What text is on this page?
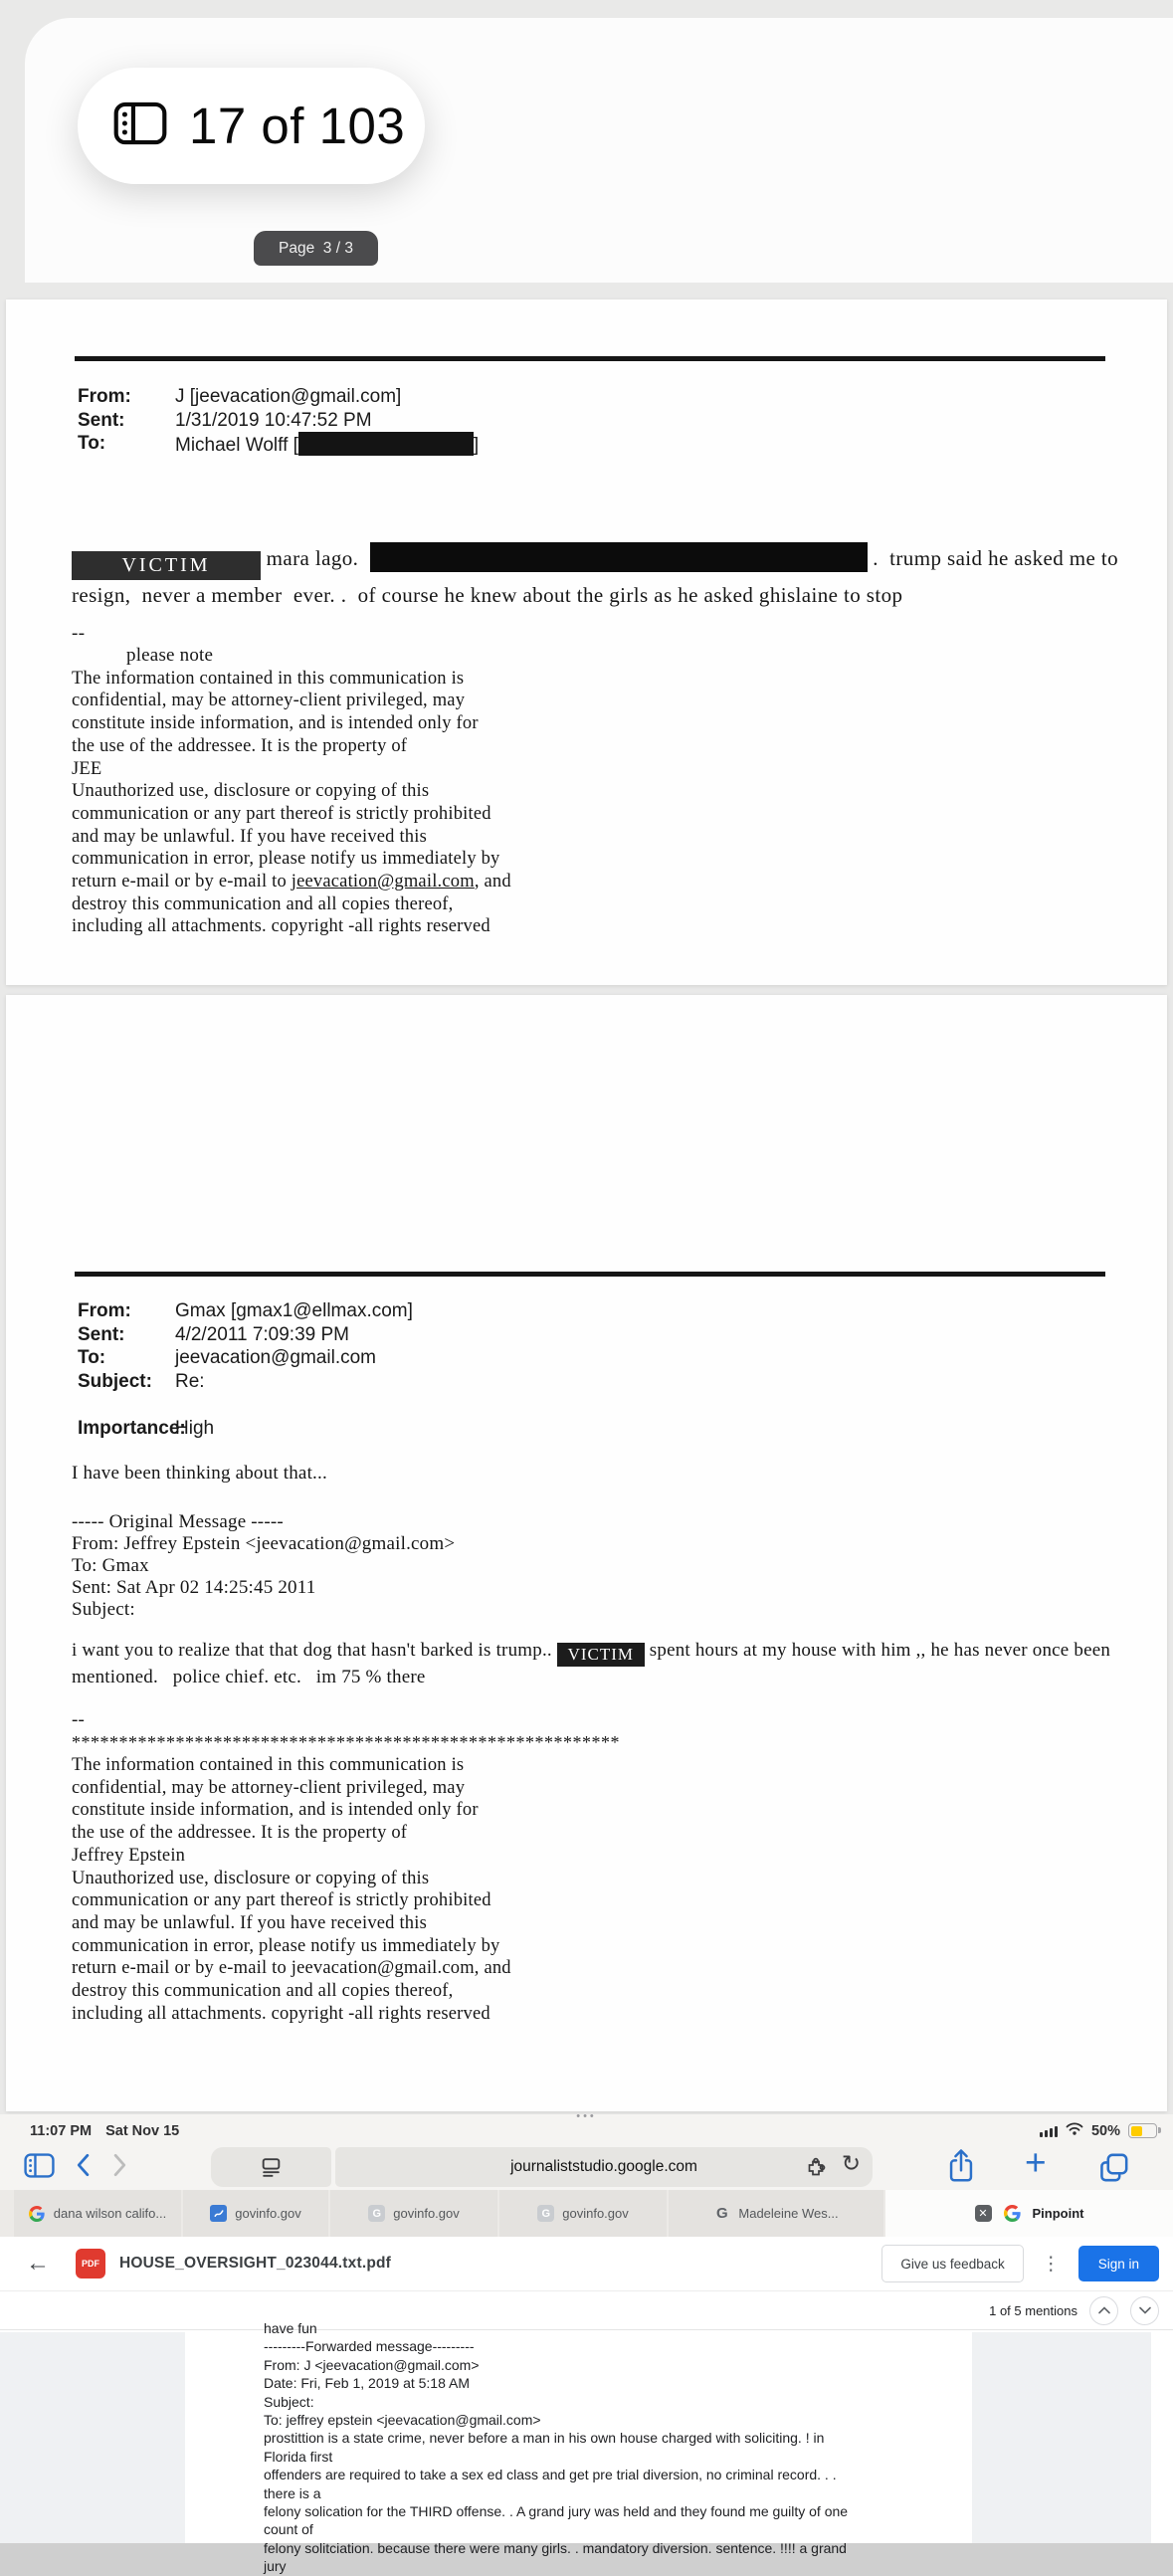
17 of 103
Page  3 / 3
From:	J [jeevacation@gmail.com]
Sent:	1/31/2019 10:47:52 PM
To:	Michael Wolff [	]
VICTIM mara lago.	.  trump said he asked me to resign,  never a member  ever. .  of course he knew about the girls as he asked ghislaine to stop
--
please note
The information contained in this communication is
confidential, may be attorney-client privileged, may
constitute inside information, and is intended only for
the use of the addressee. It is the property of
JEE
Unauthorized use, disclosure or copying of this
communication or any part thereof is strictly prohibited
and may be unlawful. If you have received this
communication in error, please notify us immediately by
return e-mail or by e-mail to jeevacation@gmail.com, and
destroy this communication and all copies thereof,
including all attachments. copyright -all rights reserved
From:	Gmax [gmax1@ellmax.com]
Sent:	4/2/2011 7:09:39 PM
To:	jeevacation@gmail.com
Subject:	Re:
Importance:
High
I have been thinking about that...
----- Original Message -----
From: Jeffrey Epstein <jeevacation@gmail.com>
To: Gmax
Sent: Sat Apr 02 14:25:45 2011
Subject:
i want you to realize that that dog that hasn't barked is trump.. VICTIM spent hours at my house with him ,, he has never once been mentioned.   police chief. etc.   im 75 % there
--
**********************************************************
The information contained in this communication is
confidential, may be attorney-client privileged, may
constitute inside information, and is intended only for
the use of the addressee. It is the property of
Jeffrey Epstein
Unauthorized use, disclosure or copying of this
communication or any part thereof is strictly prohibited
and may be unlawful. If you have received this
communication in error, please notify us immediately by
return e-mail or by e-mail to jeevacation@gmail.com, and
destroy this communication and all copies thereof,
including all attachments. copyright -all rights reserved
•••
11:07 PM Sat Nov 15	50%
journaliststudio.google.com	↻	+
dana wilson califo...	govinfo.gov	G govinfo.gov	G govinfo.gov	G Madeleine Wes...	✕	Pinpoint
←	PDF	HOUSE_OVERSIGHT_023044.txt.pdf	Give us feedback	⋮	Sign in
1 of 5 mentions
have fun
---------Forwarded message---------
From: J <jeevacation@gmail.com>
Date: Fri, Feb 1, 2019 at 5:18 AM
Subject:
To: jeffrey epstein <jeevacation@gmail.com>
prostittion is a state crime, never before a man in his own house charged with soliciting. ! in
Florida first
offenders are required to take a sex ed class and get pre trial diversion, no criminal record. . .
there is a
felony solication for the THIRD offense. . A grand jury was held and they found me guilty of one
count of
felony solitciation. because there were many girls. . mandatory diversion. sentence. !!!! a grand
jury
